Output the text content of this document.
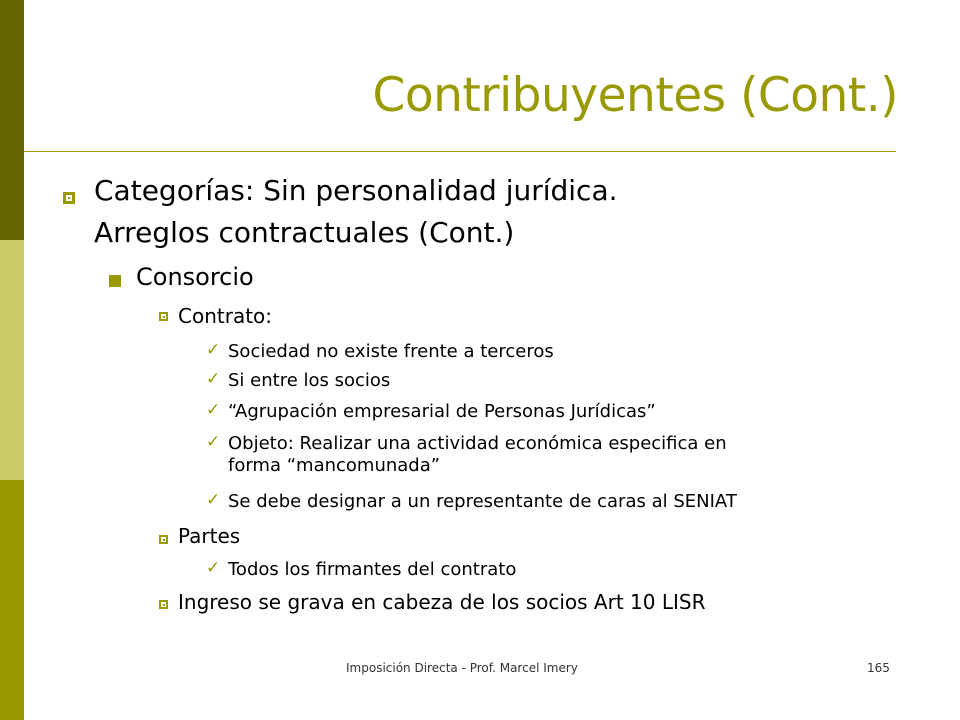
Contribuyentes (Cont.)
Categorías: Sin personalidad jurídica.
Arreglos contractuales (Cont.)
Consorcio
Contrato:
✓ Sociedad no existe frente a terceros
✓ Si entre los socios
✓ “Agrupación empresarial de Personas Jurídicas”
✓ Objeto: Realizar una actividad económica especifica en
forma “mancomunada”
✓ Se debe designar a un representante de caras al SENIAT
Partes
✓ Todos los firmantes del contrato
Ingreso se grava en cabeza de los socios Art 10 LISR
Imposición Directa - Prof. Marcel Imery	165
